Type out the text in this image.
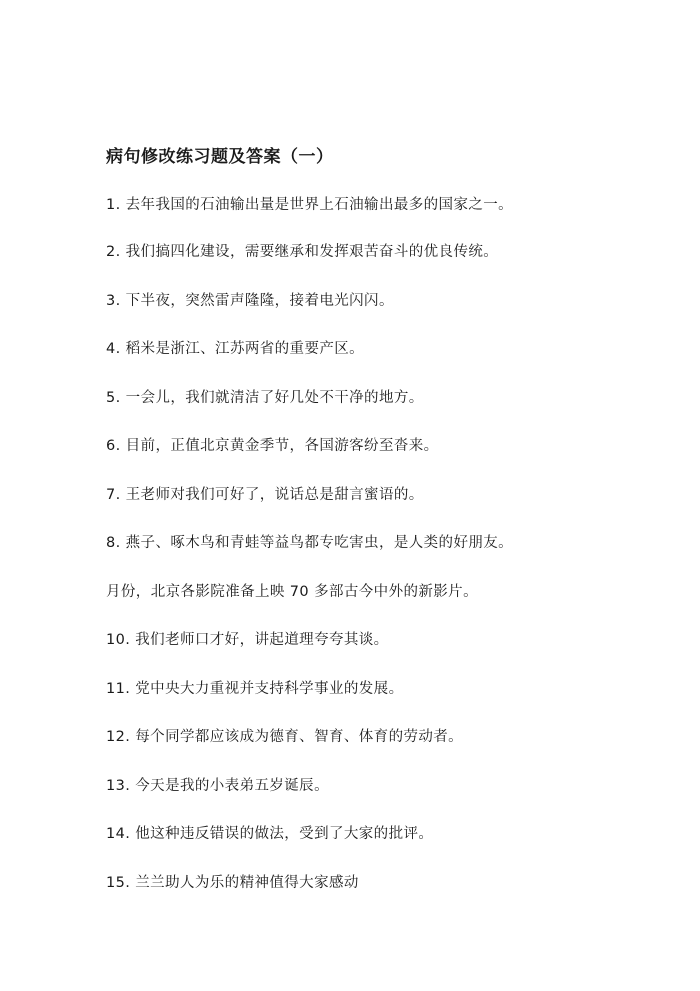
病句修改练习题及答案（一）
1. 去年我国的石油输出量是世界上石油输出最多的国家之一。
2. 我们搞四化建设，需要继承和发挥艰苦奋斗的优良传统。
3. 下半夜，突然雷声隆隆，接着电光闪闪。
4. 稻米是浙江、江苏两省的重要产区。
5. 一会儿，我们就清洁了好几处不干净的地方。
6. 目前，正值北京黄金季节，各国游客纷至沓来。
7. 王老师对我们可好了，说话总是甜言蜜语的。
8. 燕子、啄木鸟和青蛙等益鸟都专吃害虫，是人类的好朋友。
月份，北京各影院准备上映 70 多部古今中外的新影片。
10. 我们老师口才好，讲起道理夸夸其谈。
11. 党中央大力重视并支持科学事业的发展。
12. 每个同学都应该成为德育、智育、体育的劳动者。
13. 今天是我的小表弟五岁诞辰。
14. 他这种违反错误的做法，受到了大家的批评。
15. 兰兰助人为乐的精神值得大家感动
